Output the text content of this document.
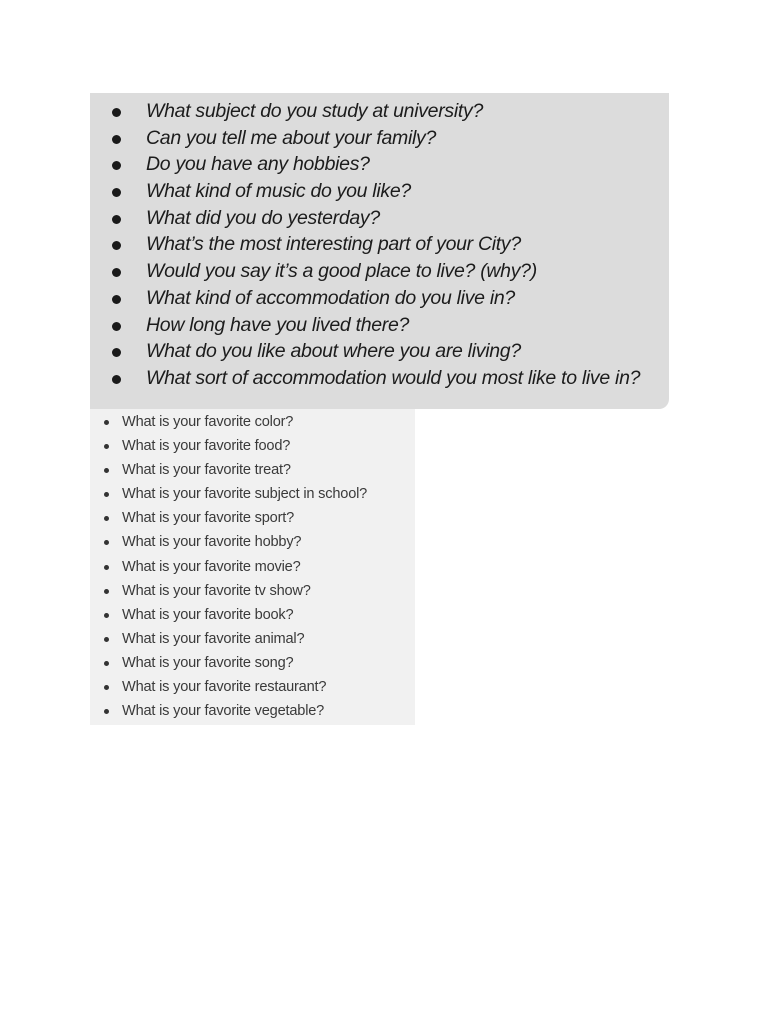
What subject do you study at university?
Can you tell me about your family?
Do you have any hobbies?
What kind of music do you like?
What did you do yesterday?
What’s the most interesting part of your City?
Would you say it’s a good place to live? (why?)
What kind of accommodation do you live in?
How long have you lived there?
What do you like about where you are living?
What sort of accommodation would you most like to live in?
What is your favorite color?
What is your favorite food?
What is your favorite treat?
What is your favorite subject in school?
What is your favorite sport?
What is your favorite hobby?
What is your favorite movie?
What is your favorite tv show?
What is your favorite book?
What is your favorite animal?
What is your favorite song?
What is your favorite restaurant?
What is your favorite vegetable?
